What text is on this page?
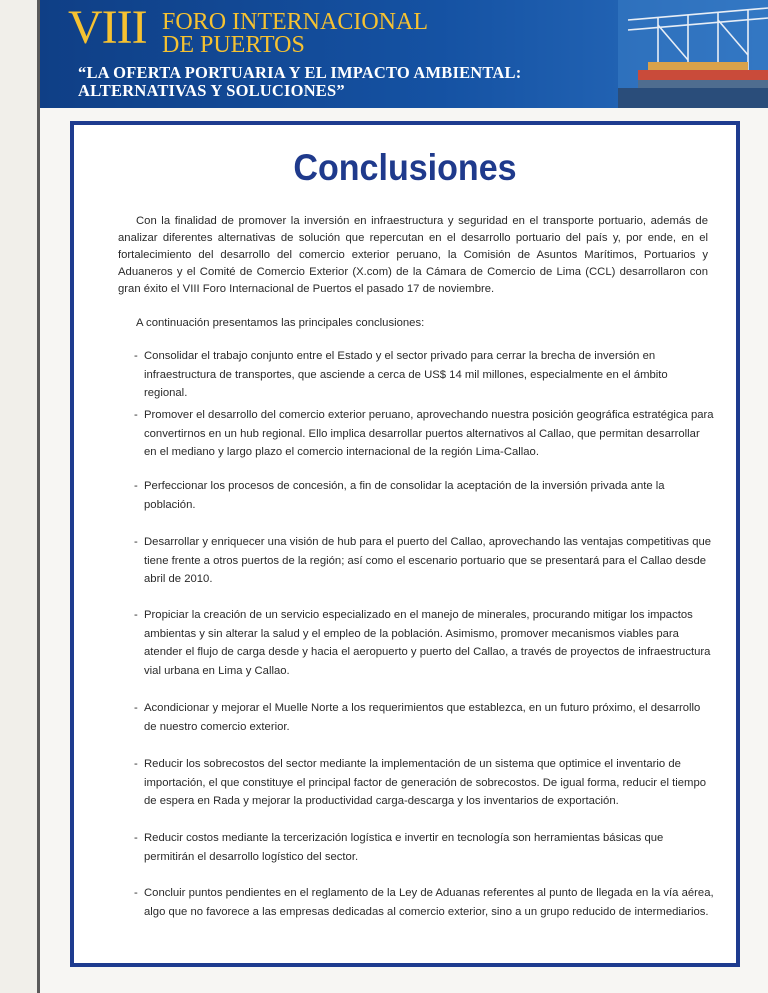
VIII FORO INTERNACIONAL
DE PUERTOS
“LA OFERTA PORTUARIA Y EL IMPACTO AMBIENTAL:
ALTERNATIVAS Y SOLUCIONES”
Conclusiones
Con la finalidad de promover la inversión en infraestructura y seguridad en el transporte portuario, además de analizar diferentes alternativas de solución que repercutan en el desarrollo portuario del país y, por ende, en el fortalecimiento del desarrollo del comercio exterior peruano, la Comisión de Asuntos Marítimos, Portuarios y Aduaneros y el Comité de Comercio Exterior (X.com) de la Cámara de Comercio de Lima (CCL) desarrollaron con gran éxito el VIII Foro Internacional de Puertos el pasado 17 de noviembre.
A continuación presentamos las principales conclusiones:
- Consolidar el trabajo conjunto entre el Estado y el sector privado para cerrar la brecha de inversión en infraestructura de transportes, que asciende a cerca de US$ 14 mil millones, especialmente en el ámbito regional.
- Promover el desarrollo del comercio exterior peruano, aprovechando nuestra posición geográfica estratégica para convertirnos en un hub regional. Ello implica desarrollar puertos alternativos al Callao, que permitan desarrollar en el mediano y largo plazo el comercio internacional de la región Lima-Callao.
- Perfeccionar los procesos de concesión, a fin de consolidar la aceptación de la inversión privada ante la población.
- Desarrollar y enriquecer una visión de hub para el puerto del Callao, aprovechando las ventajas competitivas que tiene frente a otros puertos de la región; así como el escenario portuario que se presentará para el Callao desde abril de 2010.
- Propiciar la creación de un servicio especializado en el manejo de minerales, procurando mitigar los impactos ambientas y sin alterar la salud y el empleo de la población. Asimismo, promover mecanismos viables para atender el flujo de carga desde y hacia el aeropuerto y puerto del Callao, a través de proyectos de infraestructura vial urbana en Lima y Callao.
- Acondicionar y mejorar el Muelle Norte a los requerimientos que establezca, en un futuro próximo, el desarrollo de nuestro comercio exterior.
- Reducir los sobrecostos del sector mediante la implementación de un sistema que optimice el inventario de importación, el que constituye el principal factor de generación de sobrecostos. De igual forma, reducir el tiempo de espera en Rada y mejorar la productividad carga-descarga y los inventarios de exportación.
- Reducir costos mediante la tercerización logística e invertir en tecnología son herramientas básicas que permitirán el desarrollo logístico del sector.
- Concluir puntos pendientes en el reglamento de la Ley de Aduanas referentes al punto de llegada en la vía aérea, algo que no favorece a las empresas dedicadas al comercio exterior, sino a un grupo reducido de intermediarios.
